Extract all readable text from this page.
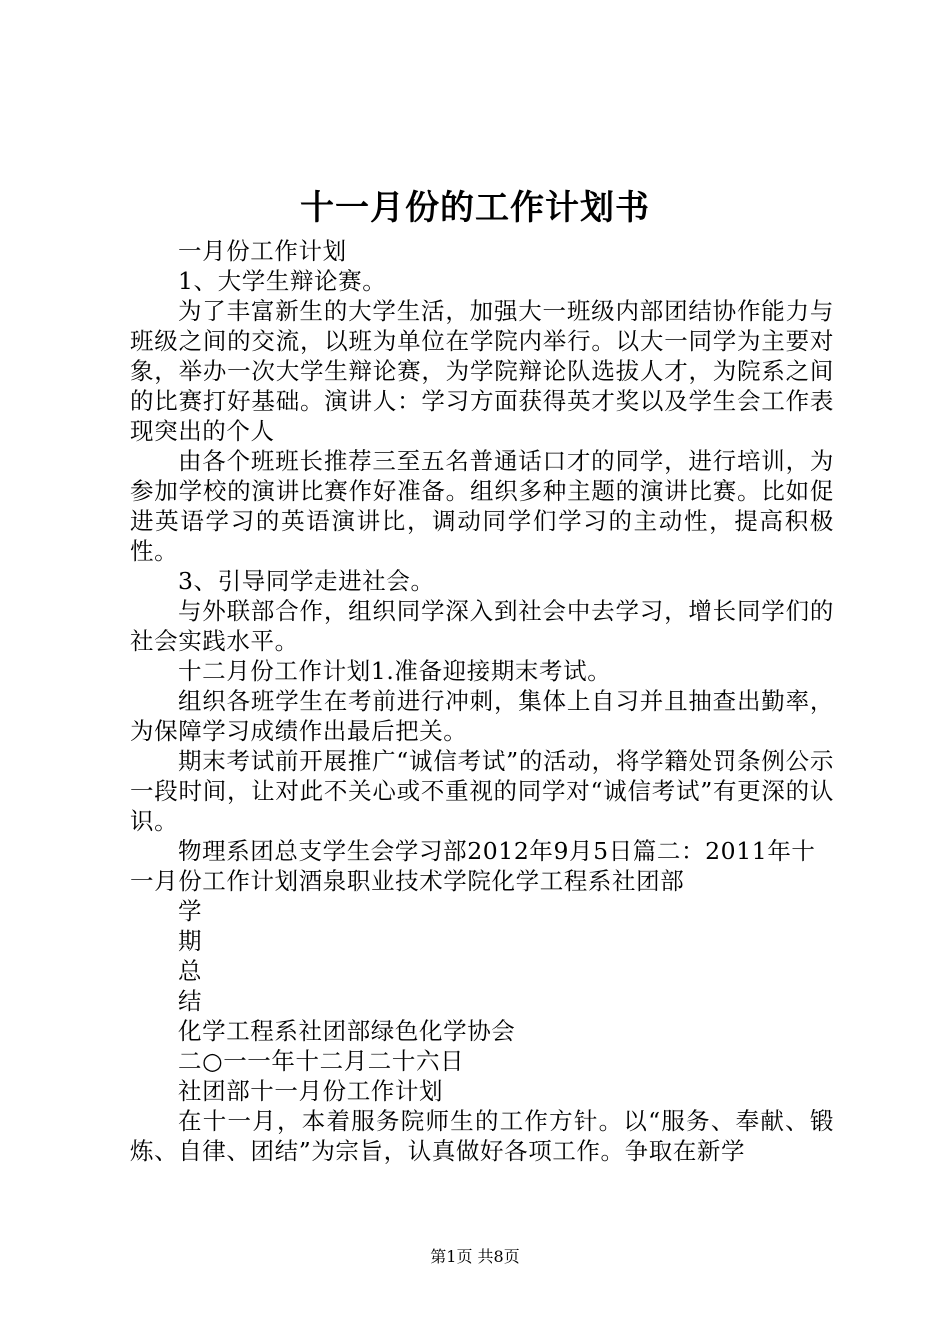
十一月份的工作计划书

一月份工作计划

1、大学生辩论赛。

为了丰富新生的大学生活，加强大一班级内部团结协作能力与班级之间的交流，以班为单位在学院内举行。以大一同学为主要对象，举办一次大学生辩论赛，为学院辩论队选拔人才，为院系之间的比赛打好基础。演讲人：学习方面获得英才奖以及学生会工作表现突出的个人

由各个班班长推荐三至五名普通话口才的同学，进行培训，为参加学校的演讲比赛作好准备。组织多种主题的演讲比赛。比如促进英语学习的英语演讲比，调动同学们学习的主动性，提高积极性。

3、引导同学走进社会。

与外联部合作，组织同学深入到社会中去学习，增长同学们的社会实践水平。

十二月份工作计划1.准备迎接期末考试。

组织各班学生在考前进行冲刺，集体上自习并且抽查出勤率，为保障学习成绩作出最后把关。

期末考试前开展推广“诚信考试”的活动，将学籍处罚条例公示一段时间，让对此不关心或不重视的同学对“诚信考试”有更深的认识。

物理系团总支学生会学习部2012年9月5日篇二：2011年十一月份工作计划酒泉职业技术学院化学工程系社团部

学

期

总

结

化学工程系社团部绿色化学协会

二○一一年十二月二十六日

社团部十一月份工作计划

在十一月，本着服务院师生的工作方针。以“服务、奉献、锻炼、自律、团结”为宗旨，认真做好各项工作。争取在新学

第1页 共8页
